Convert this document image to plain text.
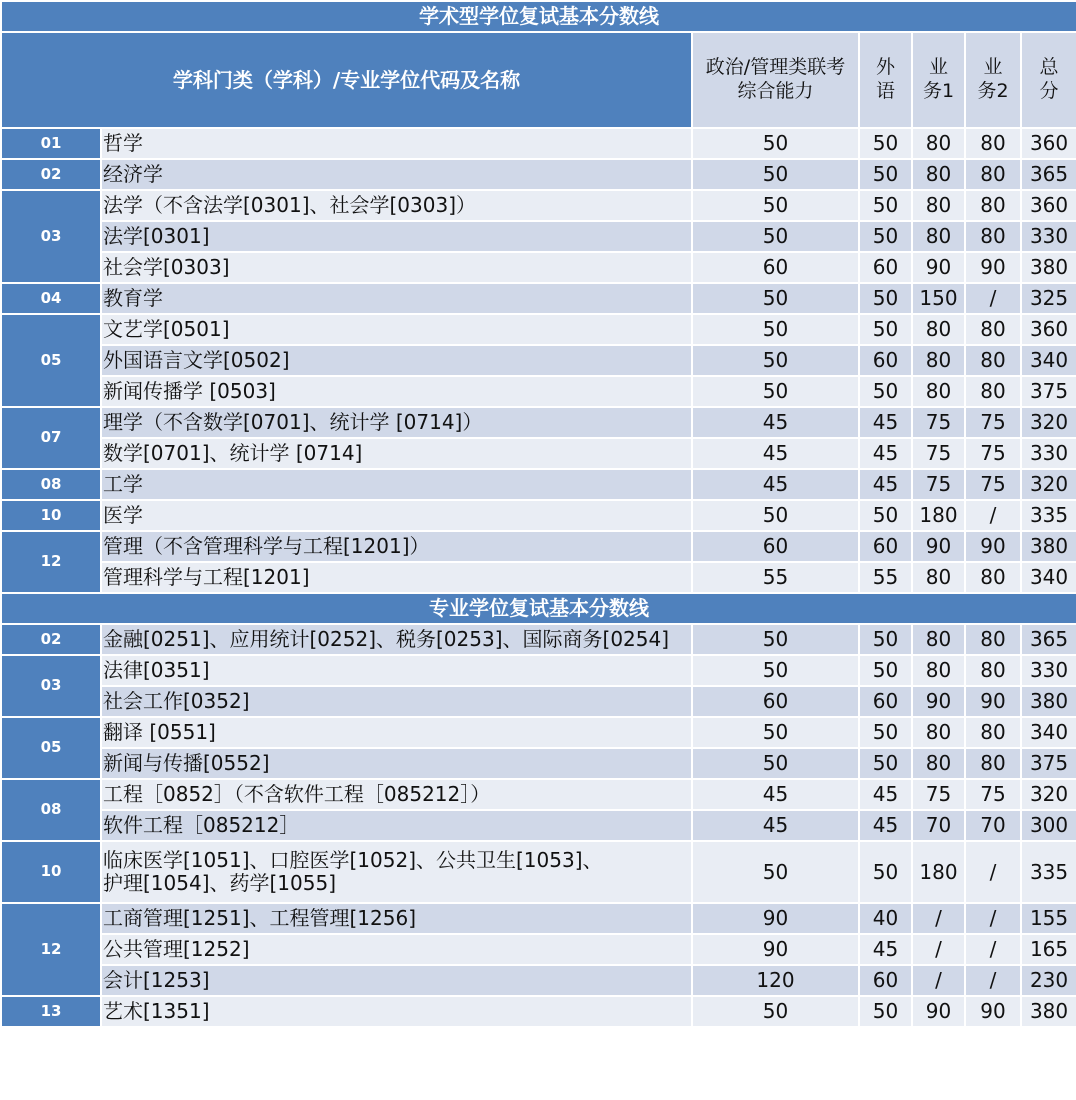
学术型学位复试基本分数线						
学科门类（学科）/专业学位代码及名称		政治/管理类联考综合能力	外语	业务1	业务2	总分
01	哲学	50	50	80	80	360
02	经济学	50	50	80	80	365
03	法学（不含法学[0301]、社会学[0303]）	50	50	80	80	360
	法学[0301]	50	50	80	80	330
	社会学[0303]	60	60	90	90	380
04	教育学	50	50	150	/	325
05	文艺学[0501]	50	50	80	80	360
	外国语言文学[0502]	50	60	80	80	340
	新闻传播学 [0503]	50	50	80	80	375
07	理学（不含数学[0701]、统计学 [0714]）	45	45	75	75	320
	数学[0701]、统计学 [0714]	45	45	75	75	330
08	工学	45	45	75	75	320
10	医学	50	50	180	/	335
12	管理（不含管理科学与工程[1201]）	60	60	90	90	380
	管理科学与工程[1201]	55	55	80	80	340
专业学位复试基本分数线						
02	金融[0251]、应用统计[0252]、税务[0253]、国际商务[0254]	50	50	80	80	365
03	法律[0351]	50	50	80	80	330
	社会工作[0352]	60	60	90	90	380
05	翻译 [0551]	50	50	80	80	340
	新闻与传播[0552]	50	50	80	80	375
08	工程［0852］（不含软件工程［085212］）	45	45	75	75	320
	软件工程［085212］	45	45	70	70	300
10	临床医学[1051]、口腔医学[1052]、公共卫生[1053]、
护理[1054]、药学[1055]	50	50	180	/	335
12	工商管理[1251]、工程管理[1256]	90	40	/	/	155
	公共管理[1252]	90	45	/	/	165
	会计[1253]	120	60	/	/	230
13	艺术[1351]	50	50	90	90	380
